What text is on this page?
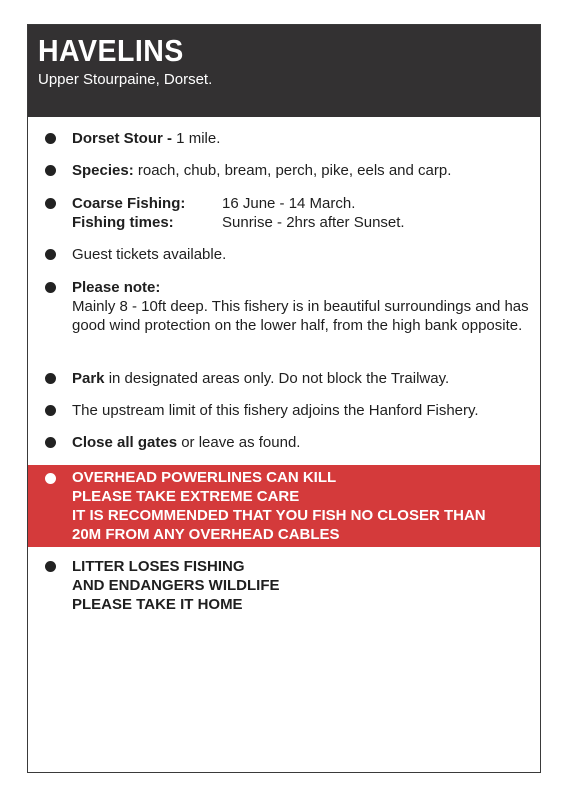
HAVELINS
Upper Stourpaine, Dorset.
Dorset Stour - 1 mile.
Species: roach, chub, bream, perch, pike, eels and carp.
Coarse Fishing:	16 June - 14 March.
Fishing times:	Sunrise - 2hrs after Sunset.
Guest tickets available.
Please note:
Mainly 8 - 10ft deep. This fishery is in beautiful surroundings and has good wind protection on the lower half, from the high bank opposite.
Park in designated areas only. Do not block the Trailway.
The upstream limit of this fishery adjoins the Hanford Fishery.
Close all gates or leave as found.
OVERHEAD POWERLINES CAN KILL
PLEASE TAKE EXTREME CARE
IT IS RECOMMENDED THAT YOU FISH NO CLOSER THAN
20M FROM ANY OVERHEAD CABLES
LITTER LOSES FISHING
AND ENDANGERS WILDLIFE
PLEASE TAKE IT HOME
